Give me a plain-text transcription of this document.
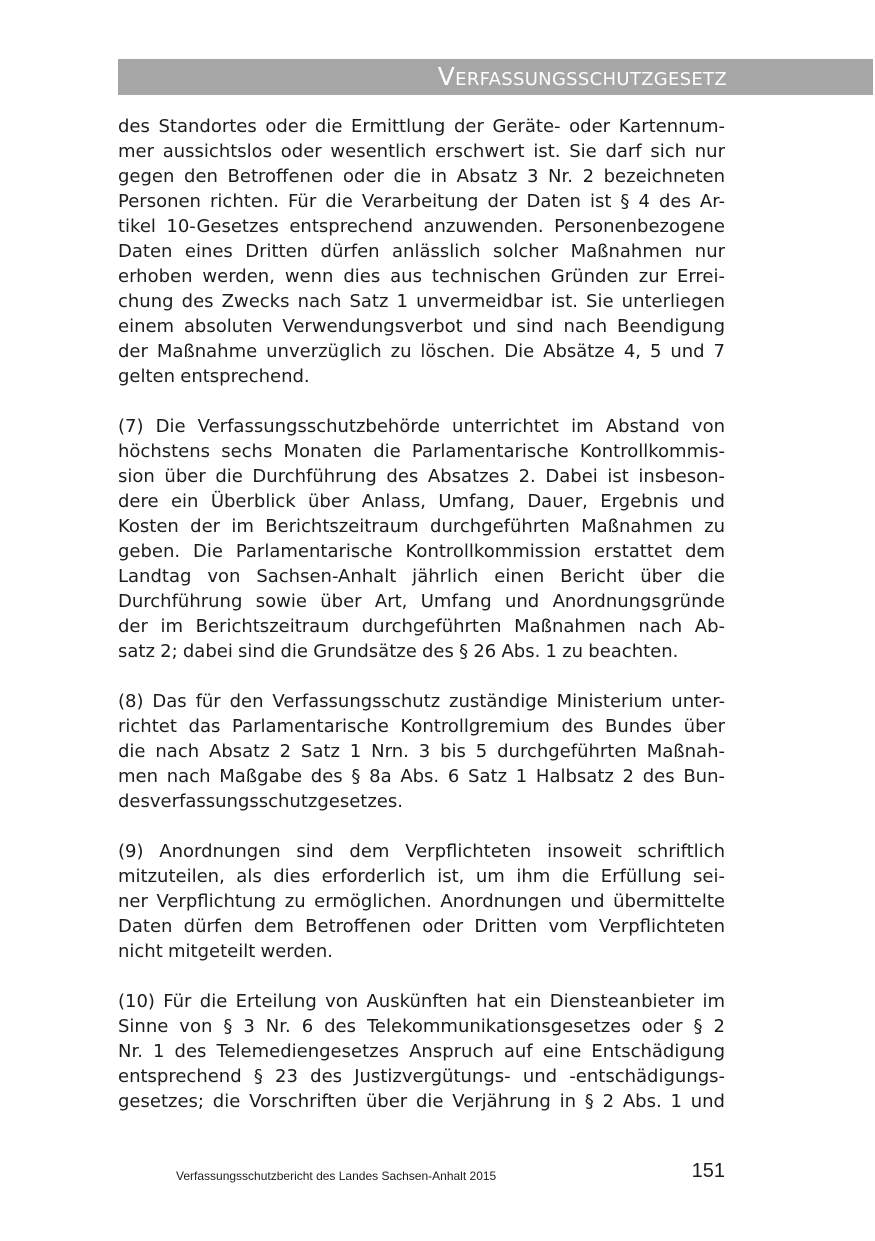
Verfassungsschutzgesetz
des Standortes oder die Ermittlung der Geräte- oder Kartennum-
mer aussichtslos oder wesentlich erschwert ist. Sie darf sich nur
gegen den Betroffenen oder die in Absatz 3 Nr. 2 bezeichneten
Personen richten. Für die Verarbeitung der Daten ist § 4 des Ar-
tikel 10-Gesetzes entsprechend anzuwenden. Personenbezogene
Daten eines Dritten dürfen anlässlich solcher Maßnahmen nur
erhoben werden, wenn dies aus technischen Gründen zur Errei-
chung des Zwecks nach Satz 1 unvermeidbar ist. Sie unterliegen
einem absoluten Verwendungsverbot und sind nach Beendigung
der Maßnahme unverzüglich zu löschen. Die Absätze 4, 5 und 7
gelten entsprechend.
(7) Die Verfassungsschutzbehörde unterrichtet im Abstand von
höchstens sechs Monaten die Parlamentarische Kontrollkommis-
sion über die Durchführung des Absatzes 2. Dabei ist insbeson-
dere ein Überblick über Anlass, Umfang, Dauer, Ergebnis und
Kosten der im Berichtszeitraum durchgeführten Maßnahmen zu
geben. Die Parlamentarische Kontrollkommission erstattet dem
Landtag von Sachsen-Anhalt jährlich einen Bericht über die
Durchführung sowie über Art, Umfang und Anordnungsgründe
der im Berichtszeitraum durchgeführten Maßnahmen nach Ab-
satz 2; dabei sind die Grundsätze des § 26 Abs. 1 zu beachten.
(8) Das für den Verfassungsschutz zuständige Ministerium unter-
richtet das Parlamentarische Kontrollgremium des Bundes über
die nach Absatz 2 Satz 1 Nrn. 3 bis 5 durchgeführten Maßnah-
men nach Maßgabe des § 8a Abs. 6 Satz 1 Halbsatz 2 des Bun-
desverfassungsschutzgesetzes.
(9) Anordnungen sind dem Verpflichteten insoweit schriftlich
mitzuteilen, als dies erforderlich ist, um ihm die Erfüllung sei-
ner Verpflichtung zu ermöglichen. Anordnungen und übermittelte
Daten dürfen dem Betroffenen oder Dritten vom Verpflichteten
nicht mitgeteilt werden.
(10) Für die Erteilung von Auskünften hat ein Diensteanbieter im
Sinne von § 3 Nr. 6 des Telekommunikationsgesetzes oder § 2
Nr. 1 des Telemediengesetzes Anspruch auf eine Entschädigung
entsprechend § 23 des Justizvergütungs- und -entschädigungs-
gesetzes; die Vorschriften über die Verjährung in § 2 Abs. 1 und
Verfassungsschutzbericht des Landes Sachsen-Anhalt 2015	151
